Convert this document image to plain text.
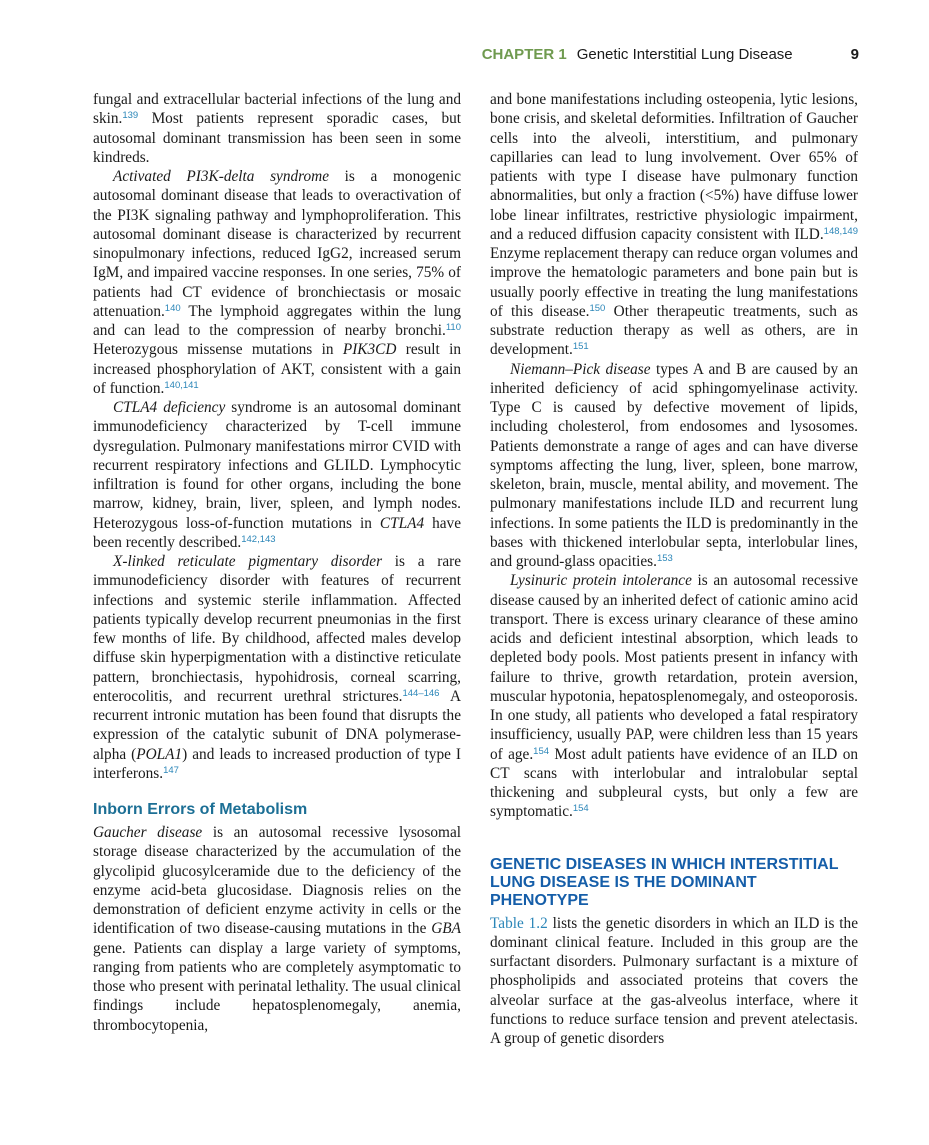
CHAPTER 1 Genetic Interstitial Lung Disease	9

fungal and extracellular bacterial infections of the lung and skin.$^{139}$ Most patients represent sporadic cases, but autosomal dominant transmission has been seen in some kindreds.

Activated PI3K-delta syndrome is a monogenic autosomal dominant disease that leads to overactivation of the PI3K signaling pathway and lymphoproliferation. This autosomal dominant disease is characterized by recurrent sinopulmonary infections, reduced IgG2, increased serum IgM, and impaired vaccine responses. In one series, 75% of patients had CT evidence of bronchiectasis or mosaic attenuation.$^{140}$ The lymphoid aggregates within the lung and can lead to the compression of nearby bronchi.$^{110}$ Heterozygous missense mutations in PIK3CD result in increased phosphorylation of AKT, consistent with a gain of function.$^{140,141}$

CTLA4 deficiency syndrome is an autosomal dominant immunodeficiency characterized by T-cell immune dysregulation. Pulmonary manifestations mirror CVID with recurrent respiratory infections and GLILD. Lymphocytic infiltration is found for other organs, including the bone marrow, kidney, brain, liver, spleen, and lymph nodes. Heterozygous loss-of-function mutations in CTLA4 have been recently described.$^{142,143}$

X-linked reticulate pigmentary disorder is a rare immunodeficiency disorder with features of recurrent infections and systemic sterile inflammation. Affected patients typically develop recurrent pneumonias in the first few months of life. By childhood, affected males develop diffuse skin hyperpigmentation with a distinctive reticulate pattern, bronchiectasis, hypohidrosis, corneal scarring, enterocolitis, and recurrent urethral strictures.$^{144-146}$ A recurrent intronic mutation has been found that disrupts the expression of the catalytic subunit of DNA polymerase-alpha (POLA1) and leads to increased production of type I interferons.$^{147}$

Inborn Errors of Metabolism

Gaucher disease is an autosomal recessive lysosomal storage disease characterized by the accumulation of the glycolipid glucosylceramide due to the deficiency of the enzyme acid-beta glucosidase. Diagnosis relies on the demonstration of deficient enzyme activity in cells or the identification of two disease-causing mutations in the GBA gene. Patients can display a large variety of symptoms, ranging from patients who are completely asymptomatic to those who present with perinatal lethality. The usual clinical findings include hepatosplenomegaly, anemia, thrombocytopenia,

and bone manifestations including osteopenia, lytic lesions, bone crisis, and skeletal deformities. Infiltration of Gaucher cells into the alveoli, interstitium, and pulmonary capillaries can lead to lung involvement. Over 65% of patients with type I disease have pulmonary function abnormalities, but only a fraction (<5%) have diffuse lower lobe linear infiltrates, restrictive physiologic impairment, and a reduced diffusion capacity consistent with ILD.$^{148,149}$ Enzyme replacement therapy can reduce organ volumes and improve the hematologic parameters and bone pain but is usually poorly effective in treating the lung manifestations of this disease.$^{150}$ Other therapeutic treatments, such as substrate reduction therapy as well as others, are in development.$^{151}$

Niemann–Pick disease types A and B are caused by an inherited deficiency of acid sphingomyelinase activity. Type C is caused by defective movement of lipids, including cholesterol, from endosomes and lysosomes. Patients demonstrate a range of ages and can have diverse symptoms affecting the lung, liver, spleen, bone marrow, skeleton, brain, muscle, mental ability, and movement. The pulmonary manifestations include ILD and recurrent lung infections. In some patients the ILD is predominantly in the bases with thickened interlobular septa, interlobular lines, and ground-glass opacities.$^{153}$

Lysinuric protein intolerance is an autosomal recessive disease caused by an inherited defect of cationic amino acid transport. There is excess urinary clearance of these amino acids and deficient intestinal absorption, which leads to depleted body pools. Most patients present in infancy with failure to thrive, growth retardation, protein aversion, muscular hypotonia, hepatosplenomegaly, and osteoporosis. In one study, all patients who developed a fatal respiratory insufficiency, usually PAP, were children less than 15 years of age.$^{154}$ Most adult patients have evidence of an ILD on CT scans with interlobular and intralobular septal thickening and subpleural cysts, but only a few are symptomatic.$^{154}$

GENETIC DISEASES IN WHICH INTERSTITIAL LUNG DISEASE IS THE DOMINANT PHENOTYPE

Table 1.2 lists the genetic disorders in which an ILD is the dominant clinical feature. Included in this group are the surfactant disorders. Pulmonary surfactant is a mixture of phospholipids and associated proteins that covers the alveolar surface at the gas-alveolus interface, where it functions to reduce surface tension and prevent atelectasis. A group of genetic disorders
